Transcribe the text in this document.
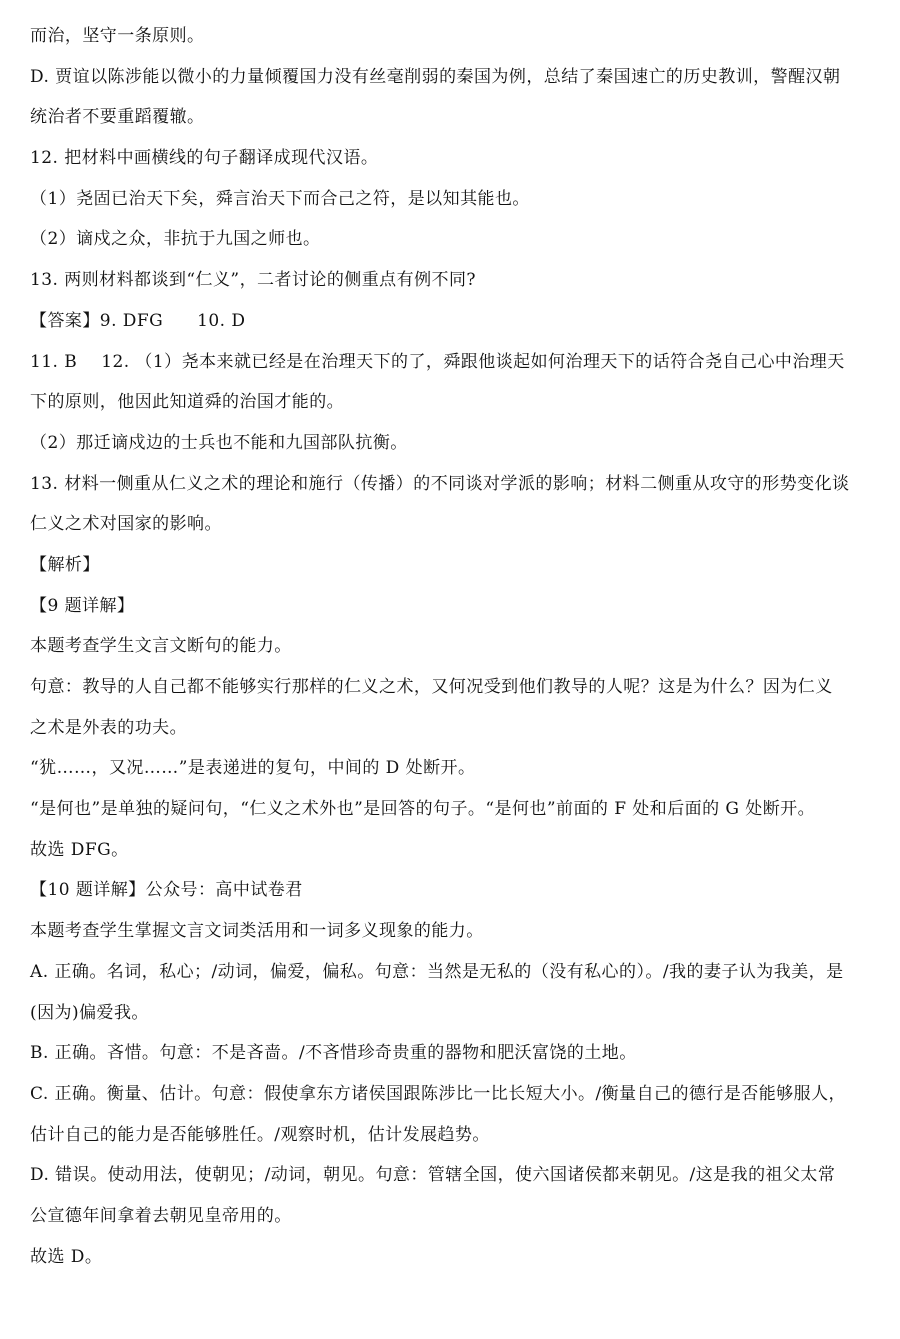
而治，坚守一条原则。
D. 贾谊以陈涉能以微小的力量倾覆国力没有丝毫削弱的秦国为例，总结了秦国速亡的历史教训，警醒汉朝
统治者不要重蹈覆辙。
12. 把材料中画横线的句子翻译成现代汉语。
（1）尧固已治天下矣，舜言治天下而合己之符，是以知其能也。
（2）谪戍之众，非抗于九国之师也。
13. 两则材料都谈到“仁义”，二者讨论的侧重点有例不同?
【答案】9. DFG 10. D
11. B 12. （1）尧本来就已经是在治理天下的了，舜跟他谈起如何治理天下的话符合尧自己心中治理天
下的原则，他因此知道舜的治国才能的。
（2）那迁谪戍边的士兵也不能和九国部队抗衡。
13. 材料一侧重从仁义之术的理论和施行（传播）的不同谈对学派的影响；材料二侧重从攻守的形势变化谈
仁义之术对国家的影响。
【解析】
【9 题详解】
本题考查学生文言文断句的能力。
句意：教导的人自己都不能够实行那样的仁义之术，又何况受到他们教导的人呢？这是为什么？因为仁义
之术是外表的功夫。
“犹……，又况……”是表递进的复句，中间的 D 处断开。
“是何也”是单独的疑问句，“仁义之术外也”是回答的句子。“是何也”前面的 F 处和后面的 G 处断开。
故选 DFG。
【10 题详解】公众号：高中试卷君
本题考查学生掌握文言文词类活用和一词多义现象的能力。
A. 正确。名词，私心；/动词，偏爱，偏私。句意：当然是无私的（没有私心的）。/我的妻子认为我美，是
(因为)偏爱我。
B. 正确。吝惜。句意：不是吝啬。/不吝惜珍奇贵重的器物和肥沃富饶的土地。
C. 正确。衡量、估计。句意：假使拿东方诸侯国跟陈涉比一比长短大小。/衡量自己的德行是否能够服人，
估计自己的能力是否能够胜任。/观察时机，估计发展趋势。
D. 错误。使动用法，使朝见；/动词，朝见。句意：管辖全国，使六国诸侯都来朝见。/这是我的祖父太常
公宣德年间拿着去朝见皇帝用的。
故选 D。
